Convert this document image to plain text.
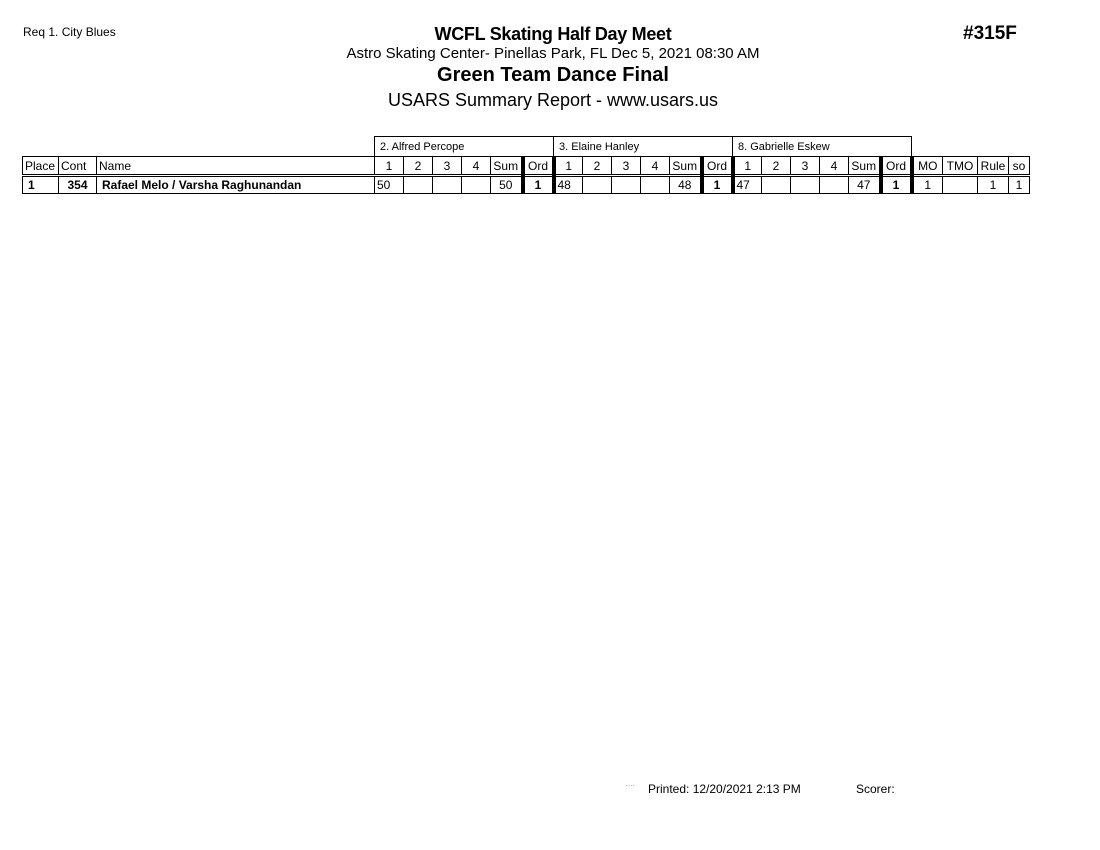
Req 1. City Blues	WCFL Skating Half Day Meet
Astro Skating Center- Pinellas Park, FL Dec 5, 2021 08:30 AM
Green Team Dance Final
USARS Summary Report - www.usars.us
#315F
			2. Alfred Percope						3. Elaine Hanley						8. Gabrielle Eskew									
Place	Cont	Name	1	2	3	4	Sum	Ord	1	2	3	4	Sum	Ord	1	2	3	4	Sum	Ord	MO	TMO	Rule	so
1	354	Rafael Melo / Varsha Raghunandan	50				50	1	48				48	1	47				47	1	1		1	1
···· Printed: 12/20/2021 2:13 PM	Scorer:
